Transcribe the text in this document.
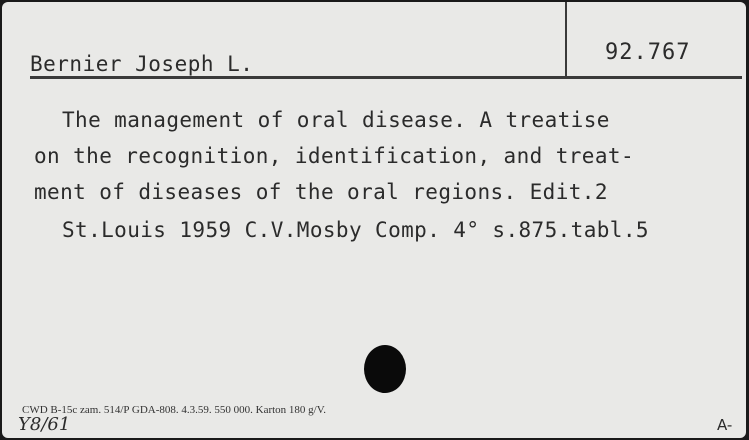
Bernier Joseph L.	92.767
The management of oral disease. A treatise
on the recognition, identification, and treat-
ment of diseases of the oral regions. Edit.2
St.Louis 1959 C.V.Mosby Comp. 4° s.875.tabl.5
CWD B-15c zam. 514/P GDA-808. 4.3.59. 550 000. Karton 180 g/V.
Y8/61	A-
